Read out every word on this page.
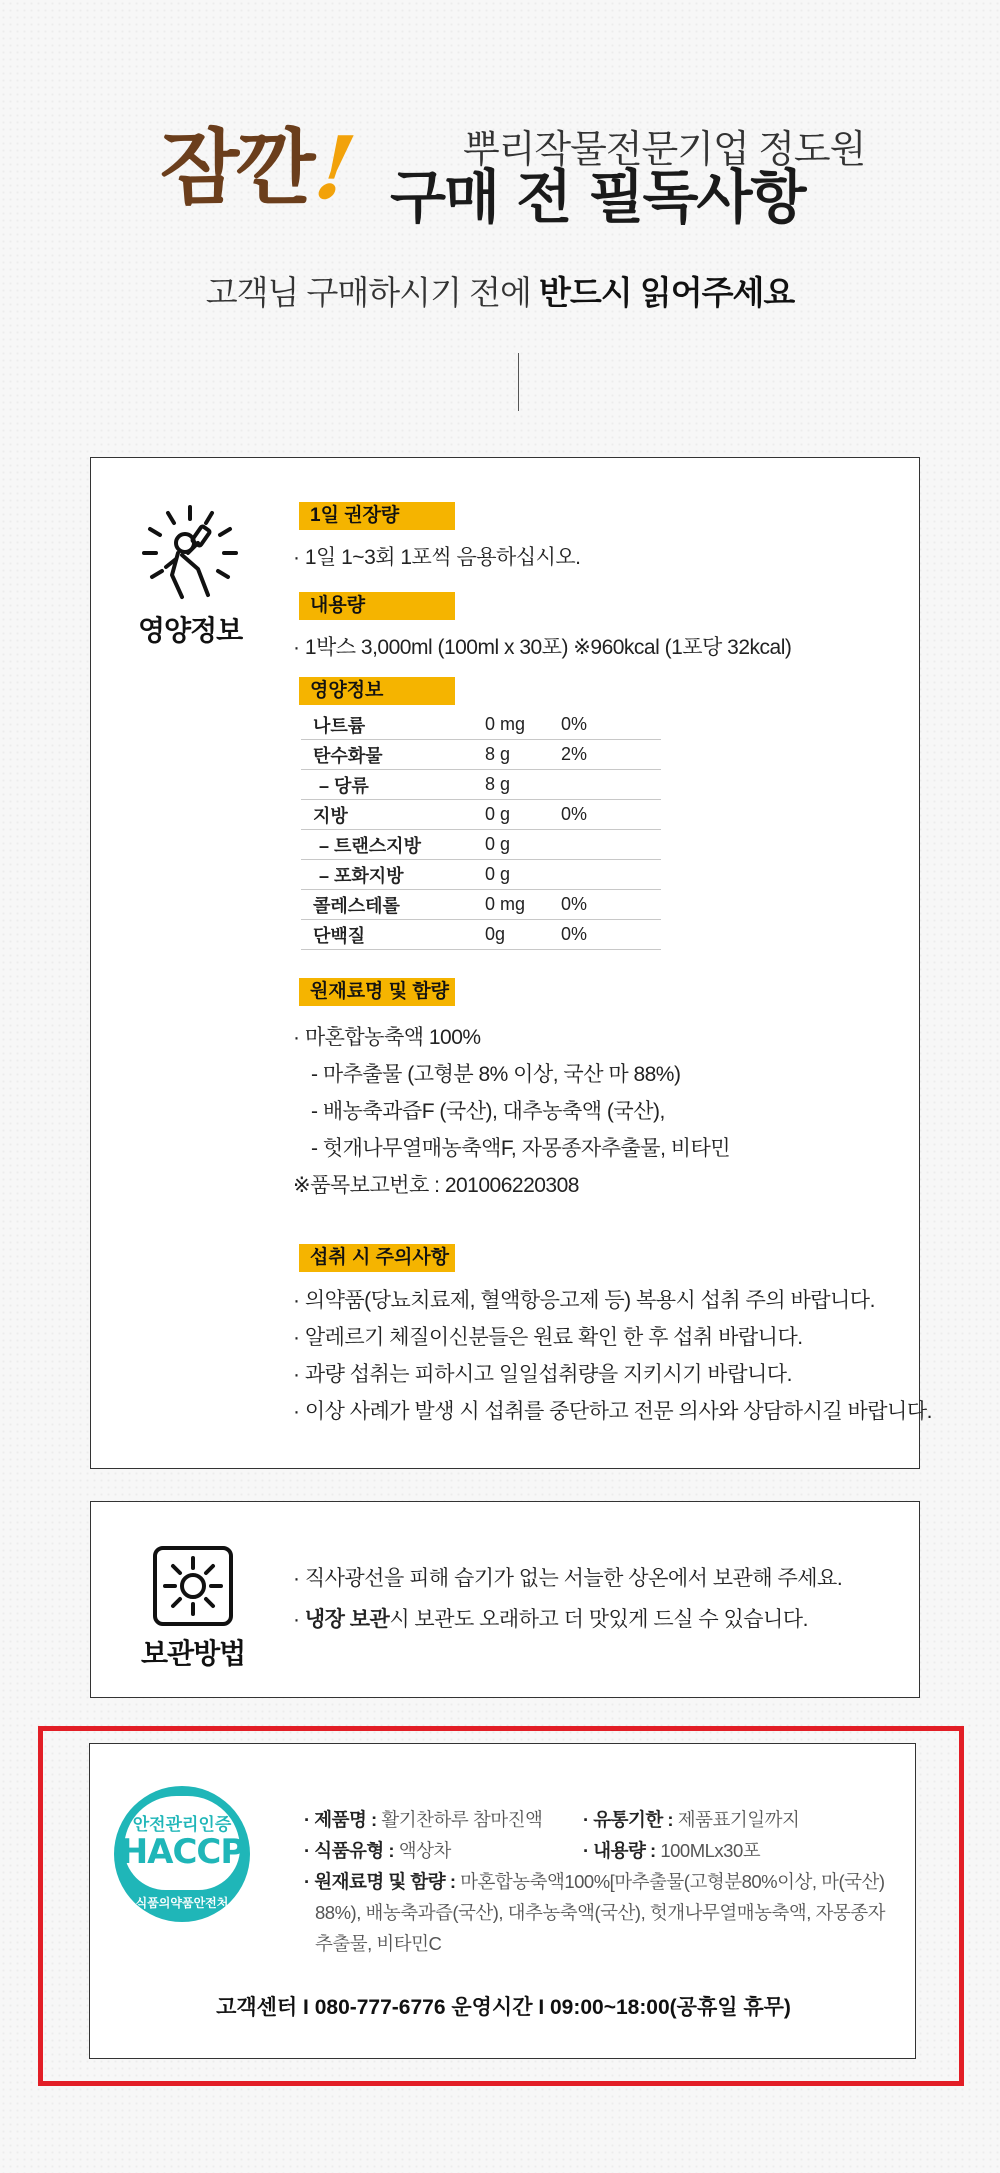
뿌리작물전문기업 정도원
잠깐
! 구매 전 필독사항
고객님 구매하시기 전에 반드시 읽어주세요
영양정보
1일 권장량
· 1일 1~3회 1포씩 음용하십시오.
내용량
· 1박스 3,000ml (100ml x 30포) ※960kcal (1포당 32kcal)
영양정보
나트륨	0 mg	0%
탄수화물	8 g	2%
– 당류	8 g	
지방	0 g	0%
– 트랜스지방	0 g	
– 포화지방	0 g	
콜레스테롤	0 mg	0%
단백질	0g	0%
원재료명 및 함량
· 마혼합농축액 100%
- 마추출물 (고형분 8% 이상, 국산 마 88%)
- 배농축과즙F (국산), 대추농축액 (국산),
- 헛개나무열매농축액F, 자몽종자추출물, 비타민
※품목보고번호 : 201006220308
섭취 시 주의사항
· 의약품(당뇨치료제, 혈액항응고제 등) 복용시 섭취 주의 바랍니다.
· 알레르기 체질이신분들은 원료 확인 한 후 섭취 바랍니다.
· 과량 섭취는 피하시고 일일섭취량을 지키시기 바랍니다.
· 이상 사례가 발생 시 섭취를 중단하고 전문 의사와 상담하시길 바랍니다.
보관방법
· 직사광선을 피해 습기가 없는 서늘한 상온에서 보관해 주세요.
· 냉장 보관시 보관도 오래하고 더 맛있게 드실 수 있습니다.
안전관리인증
HACCP
식품의약품안전처
· 제품명 : 활기찬하루 참마진액 · 유통기한 : 제품표기일까지
· 식품유형 : 액상차	· 내용량 : 100MLx30포
· 원재료명 및 함량 : 마혼합농축액100%[마추출물(고형분80%이상, 마(국산)
88%), 배농축과즙(국산), 대추농축액(국산), 헛개나무열매농축액, 자몽종자
추출물, 비타민C
고객센터 I 080-777-6776 운영시간 I 09:00~18:00(공휴일 휴무)
